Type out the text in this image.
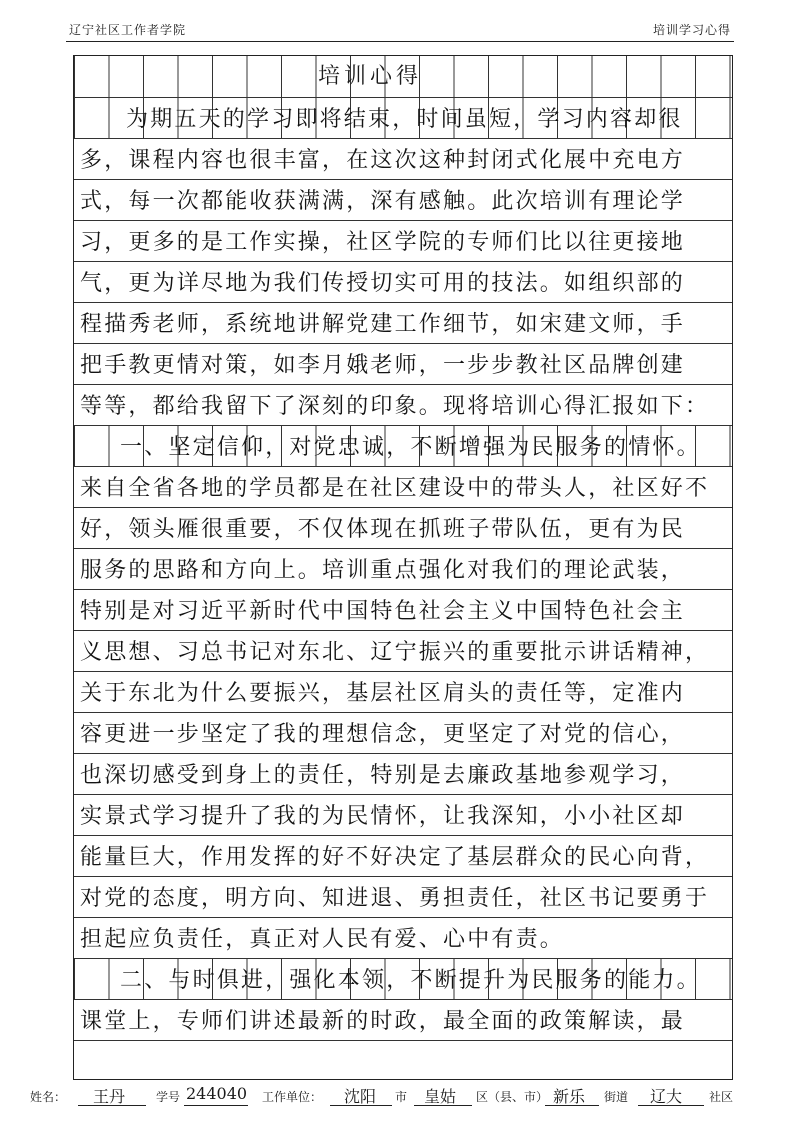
辽宁社区工作者学院	培训学习心得
培训心得
为期五天的学习即将结束，时间虽短，学习内容却很
多，课程内容也很丰富，在这次这种封闭式化展中充电方
式，每一次都能收获满满，深有感触。此次培训有理论学
习，更多的是工作实操，社区学院的专师们比以往更接地
气，更为详尽地为我们传授切实可用的技法。如组织部的
程描秀老师，系统地讲解党建工作细节，如宋建文师，手
把手教更情对策，如李月娥老师，一步步教社区品牌创建
等等，都给我留下了深刻的印象。现将培训心得汇报如下：
一、坚定信仰，对党忠诚，不断增强为民服务的情怀。
来自全省各地的学员都是在社区建设中的带头人，社区好不
好，领头雁很重要，不仅体现在抓班子带队伍，更有为民
服务的思路和方向上。培训重点强化对我们的理论武装，
特别是对习近平新时代中国特色社会主义中国特色社会主
义思想、习总书记对东北、辽宁振兴的重要批示讲话精神，
关于东北为什么要振兴，基层社区肩头的责任等，定准内
容更进一步坚定了我的理想信念，更坚定了对党的信心，
也深切感受到身上的责任，特别是去廉政基地参观学习，
实景式学习提升了我的为民情怀，让我深知，小小社区却
能量巨大，作用发挥的好不好决定了基层群众的民心向背，
对党的态度，明方向、知进退、勇担责任，社区书记要勇于
担起应负责任，真正对人民有爱、心中有责。
二、与时俱进，强化本领，不断提升为民服务的能力。
课堂上，专师们讲述最新的时政，最全面的政策解读，最
姓名： 王丹	学号 244040 工作单位： 沈阳 市 皇姑 区（县、市） 新乐 街道 辽大 社区
